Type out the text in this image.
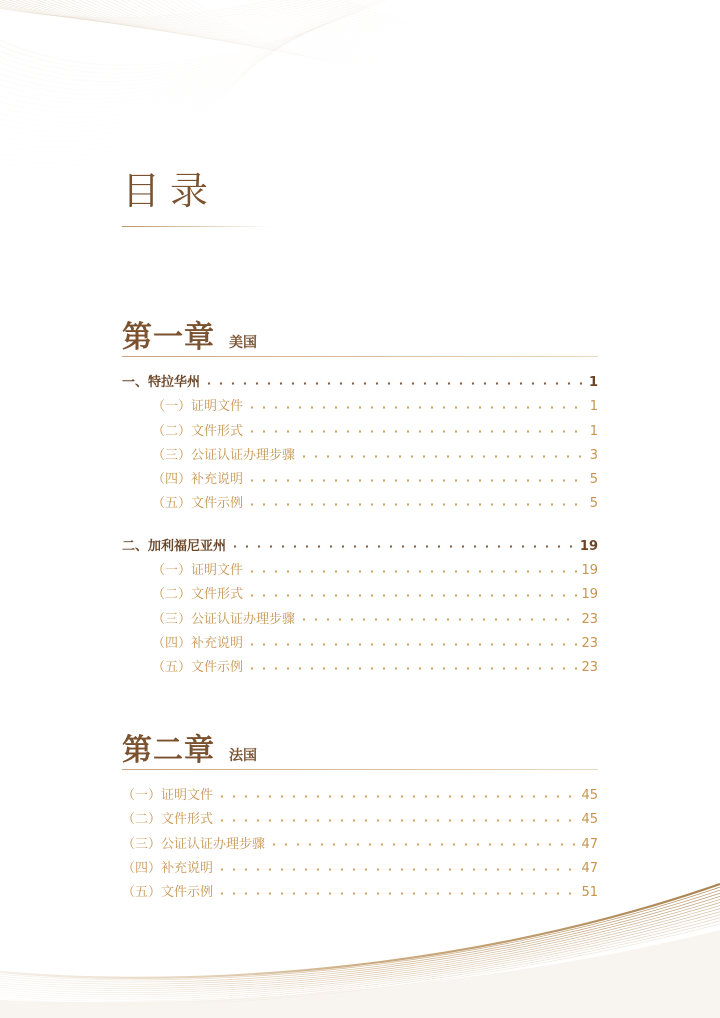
目录
第一章 美国
一、特拉华州	1
（一）证明文件	1
（二）文件形式	1
（三）公证认证办理步骤	3
（四）补充说明	5
（五）文件示例	5
二、加利福尼亚州	19
（一）证明文件	19
（二）文件形式	19
（三）公证认证办理步骤	23
（四）补充说明	23
（五）文件示例	23
第二章 法国
（一）证明文件	45
（二）文件形式	45
（三）公证认证办理步骤	47
（四）补充说明	47
（五）文件示例	51
